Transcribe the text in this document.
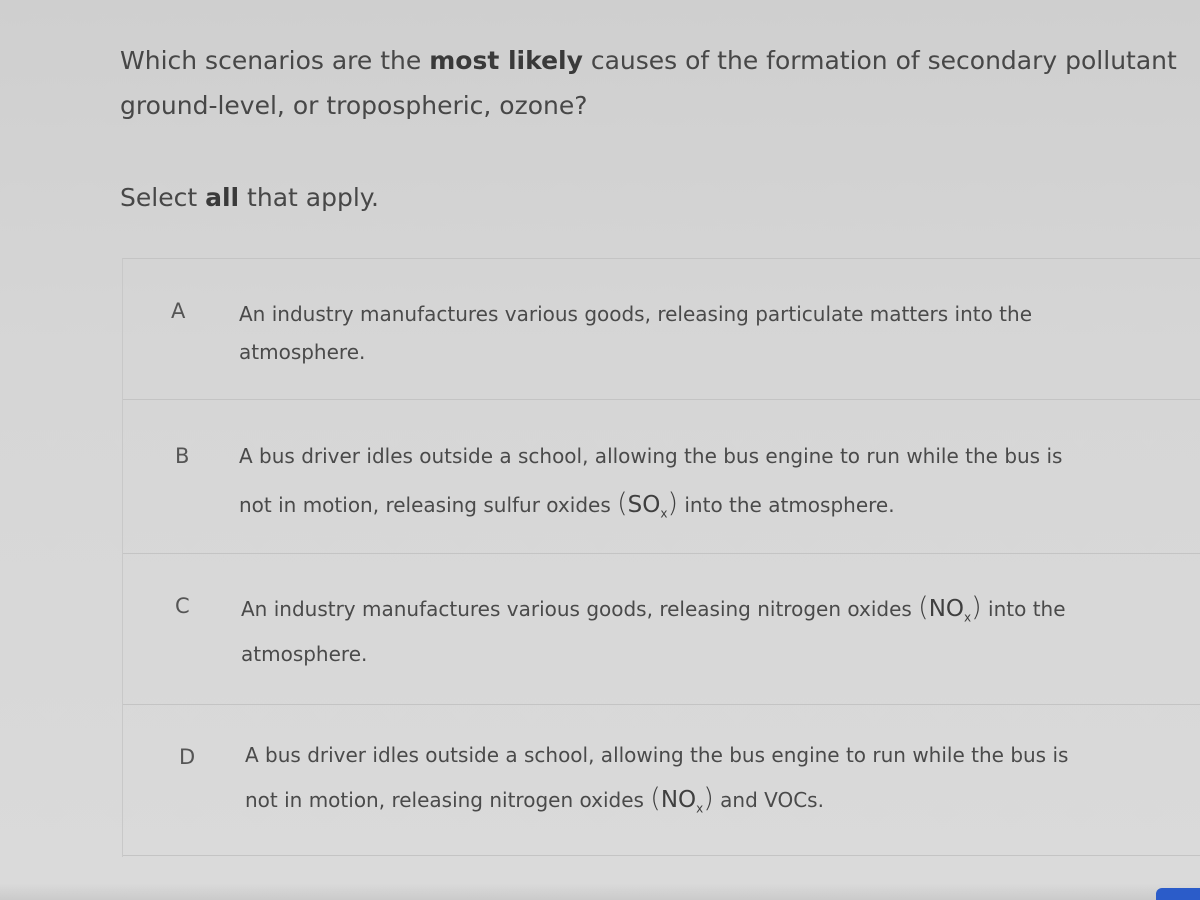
Which scenarios are the most likely causes of the formation of secondary pollutant ground-level, or tropospheric, ozone?
Select all that apply.
A	An industry manufactures various goods, releasing particulate matters into the
atmosphere.
B A bus driver idles outside a school, allowing the bus engine to run while the bus is
not in motion, releasing sulfur oxides $(SO_x)$ into the atmosphere.
C	An industry manufactures various goods, releasing nitrogen oxides $(NO_x)$ into the
atmosphere.
D A bus driver idles outside a school, allowing the bus engine to run while the bus is
not in motion, releasing nitrogen oxides $(NO_x)$ and VOCs.
